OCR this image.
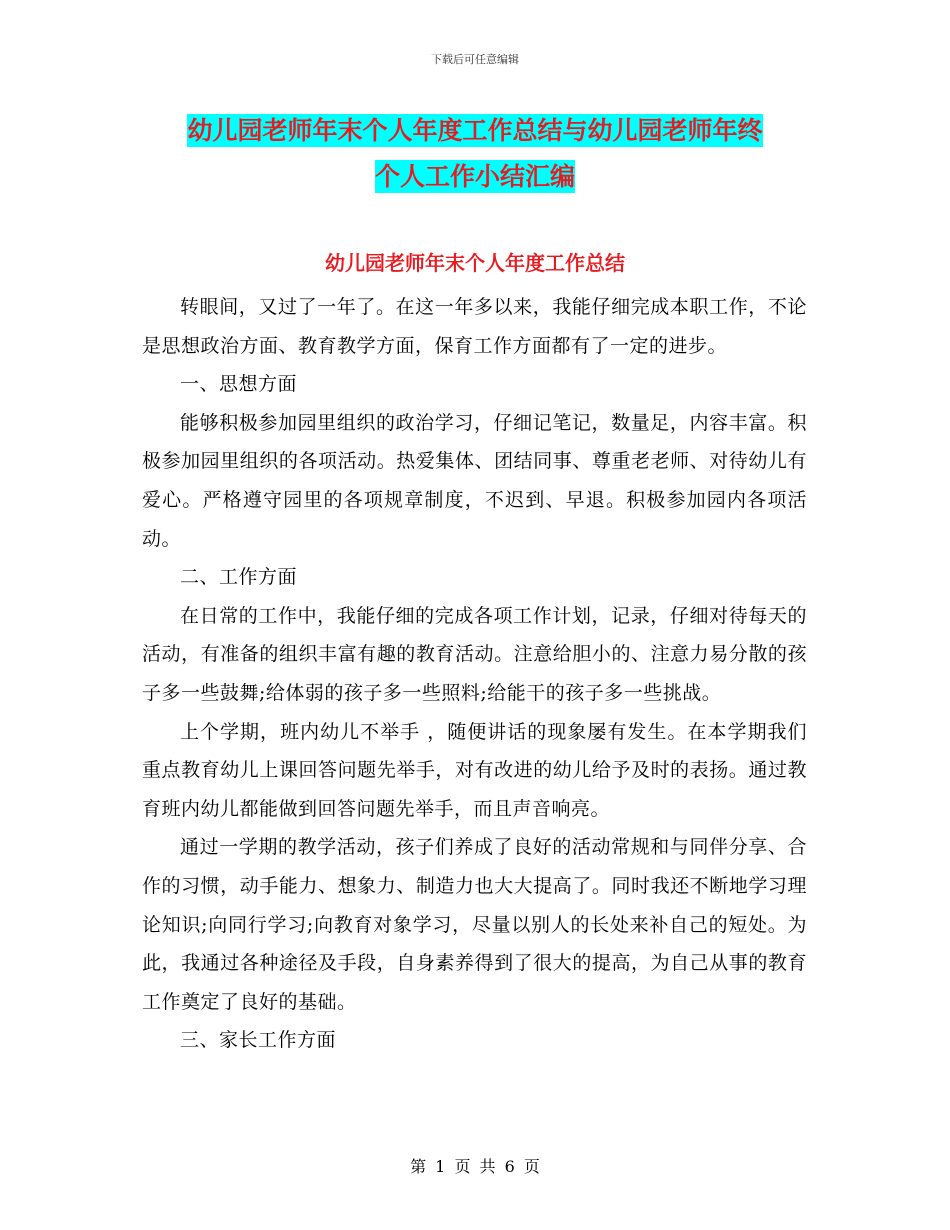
下载后可任意编辑
幼儿园老师年末个人年度工作总结与幼儿园老师年终
个人工作小结汇编
幼儿园老师年末个人年度工作总结

转眼间，又过了一年了。在这一年多以来，我能仔细完成本职工作，不论是思想政治方面、教育教学方面，保育工作方面都有了一定的进步。

一、思想方面

能够积极参加园里组织的政治学习，仔细记笔记，数量足，内容丰富。积极参加园里组织的各项活动。热爱集体、团结同事、尊重老老师、对待幼儿有爱心。严格遵守园里的各项规章制度，不迟到、早退。积极参加园内各项活动。

二、工作方面

在日常的工作中，我能仔细的完成各项工作计划，记录，仔细对待每天的活动，有准备的组织丰富有趣的教育活动。注意给胆小的、注意力易分散的孩子多一些鼓舞;给体弱的孩子多一些照料;给能干的孩子多一些挑战。

上个学期，班内幼儿不举手 ，随便讲话的现象屡有发生。在本学期我们重点教育幼儿上课回答问题先举手，对有改进的幼儿给予及时的表扬。通过教育班内幼儿都能做到回答问题先举手，而且声音响亮。

通过一学期的教学活动，孩子们养成了良好的活动常规和与同伴分享、合作的习惯，动手能力、想象力、制造力也大大提高了。同时我还不断地学习理论知识;向同行学习;向教育对象学习，尽量以别人的长处来补自己的短处。为此，我通过各种途径及手段，自身素养得到了很大的提高，为自己从事的教育工作奠定了良好的基础。

三、家长工作方面

第 1 页 共 6 页
